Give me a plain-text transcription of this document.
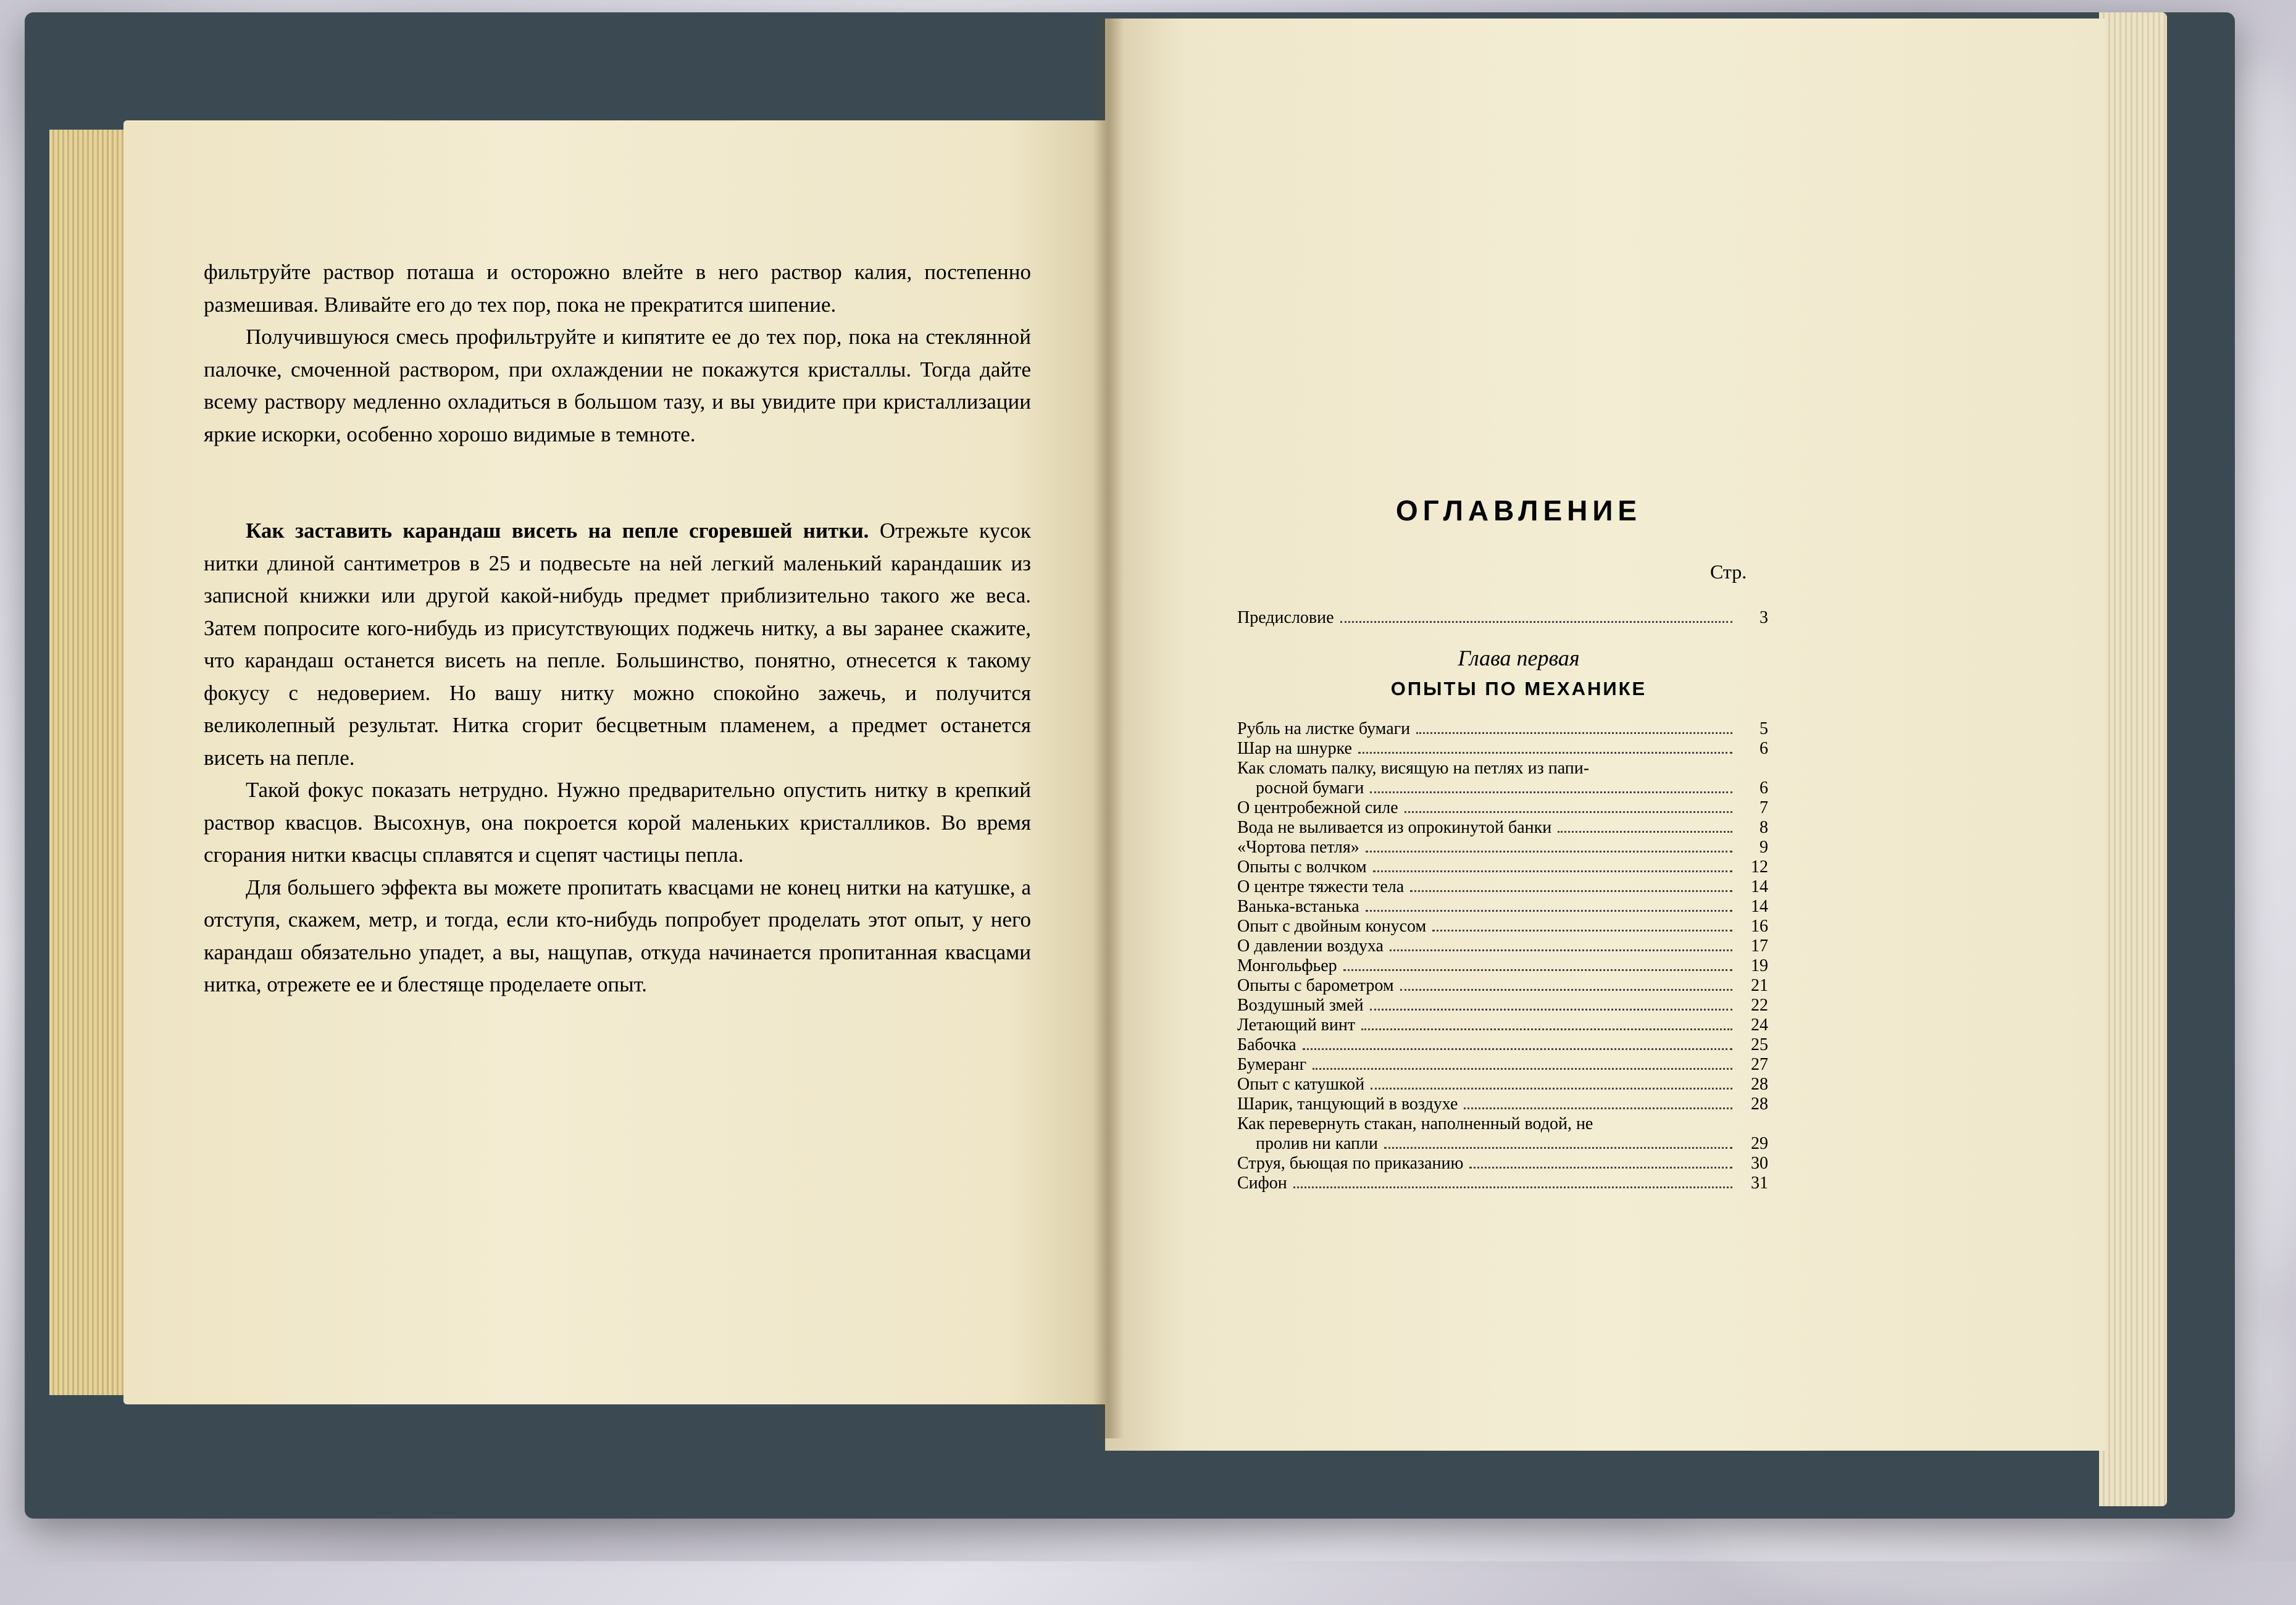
фильтруйте раствор поташа и осторожно влейте в него раствор калия, постепенно размешивая. Вливайте его до тех пор, пока не прекратится шипение.

Получившуюся смесь профильтруйте и кипятите ее до тех пор, пока на стеклянной палочке, смоченной раствором, при охлаждении не покажутся кристаллы. Тогда дайте всему раствору медленно охладиться в большом тазу, и вы увидите при кристаллизации яркие искорки, особенно хорошо видимые в темноте.

Как заставить карандаш висеть на пепле сгоревшей нитки. Отрежьте кусок нитки длиной сантиметров в 25 и подвесьте на ней легкий маленький карандашик из записной книжки или другой какой-нибудь предмет приблизительно такого же веса. Затем попросите кого-нибудь из присутствующих поджечь нитку, а вы заранее скажите, что карандаш останется висеть на пепле. Большинство, понятно, отнесется к такому фокусу с недоверием. Но вашу нитку можно спокойно зажечь, и получится великолепный результат. Нитка сгорит бесцветным пламенем, а предмет останется висеть на пепле.

Такой фокус показать нетрудно. Нужно предварительно опустить нитку в крепкий раствор квасцов. Высохнув, она покроется корой маленьких кристалликов. Во время сгорания нитки квасцы сплавятся и сцепят частицы пепла.

Для большего эффекта вы можете пропитать квасцами не конец нитки на катушке, а отступя, скажем, метр, и тогда, если кто-нибудь попробует проделать этот опыт, у него карандаш обязательно упадет, а вы, нащупав, откуда начинается пропитанная квасцами нитка, отрежете ее и блестяще проделаете опыт.

ОГЛАВЛЕНИЕ
Стр.
Предисловие	3
Глава первая
ОПЫТЫ ПО МЕХАНИКЕ
Рубль на листке бумаги	5
Шар на шнурке	6
Как сломать палку, висящую на петлях из папи-
росной бумаги	6
О центробежной силе	7
Вода не выливается из опрокинутой банки	8
«Чортова петля»	9
Опыты с волчком	12
О центре тяжести тела	14
Ванька-встанька	14
Опыт с двойным конусом	16
О давлении воздуха	17
Монгольфьер	19
Опыты с барометром	21
Воздушный змей	22
Летающий винт	24
Бабочка	25
Бумеранг	27
Опыт с катушкой	28
Шарик, танцующий в воздухе	28
Как перевернуть стакан, наполненный водой, не
пролив ни капли	29
Струя, бьющая по приказанию	30
Сифон	31
